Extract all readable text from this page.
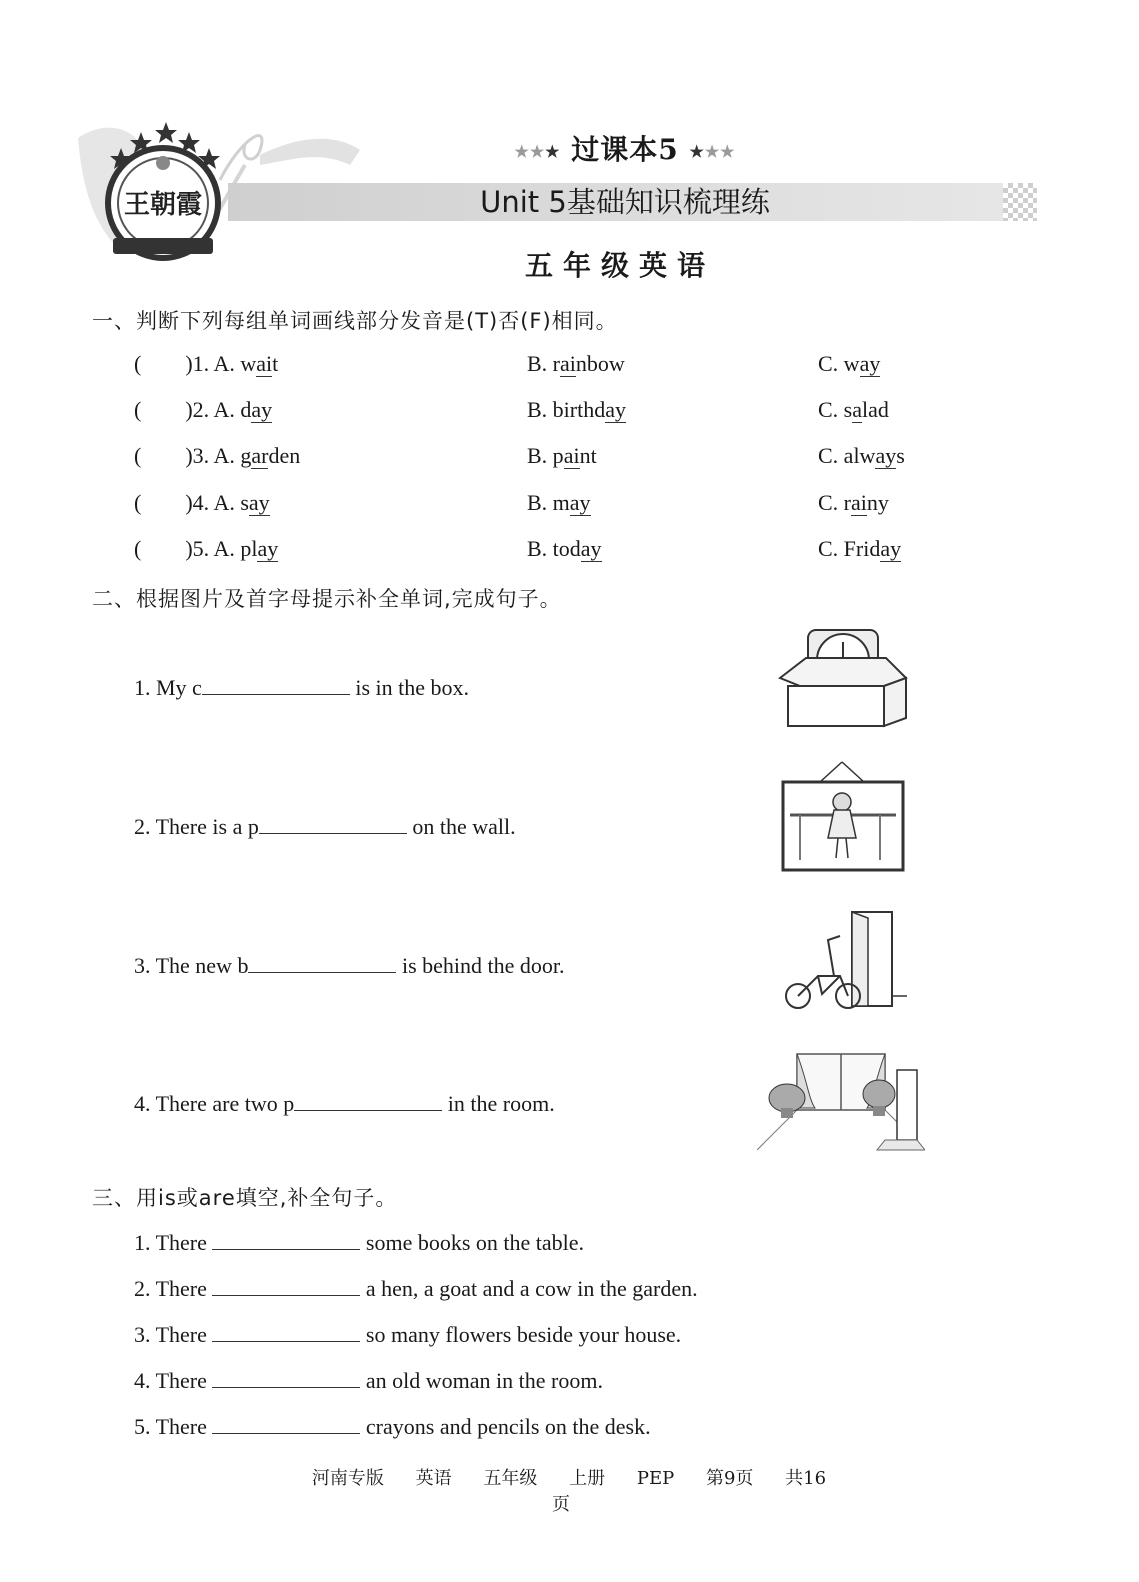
王朝霞
★★★ 过课本5 ★★★
Unit 5基础知识梳理练
五年级英语
一、判断下列每组单词画线部分发音是(T)否(F)相同。
(        )1. A. wait	B. rainbow	C. way
(        )2. A. day	B. birthday	C. salad
(        )3. A. garden	B. paint	C. always
(        )4. A. say	B. may	C. rainy
(        )5. A. play	B. today	C. Friday
二、根据图片及首字母提示补全单词,完成句子。
1. My c	is in the box.
2. There is a p	on the wall.
3. The new b	is behind the door.
4. There are two p	in the room.
三、用is或are填空,补全句子。
1. There	some books on the table.
2. There	a hen, a goat and a cow in the garden.
3. There	so many flowers beside your house.
4. There	an old woman in the room.
5. There	crayons and pencils on the desk.
河南专版 英语 五年级 上册 PEP 第9页 共16页
